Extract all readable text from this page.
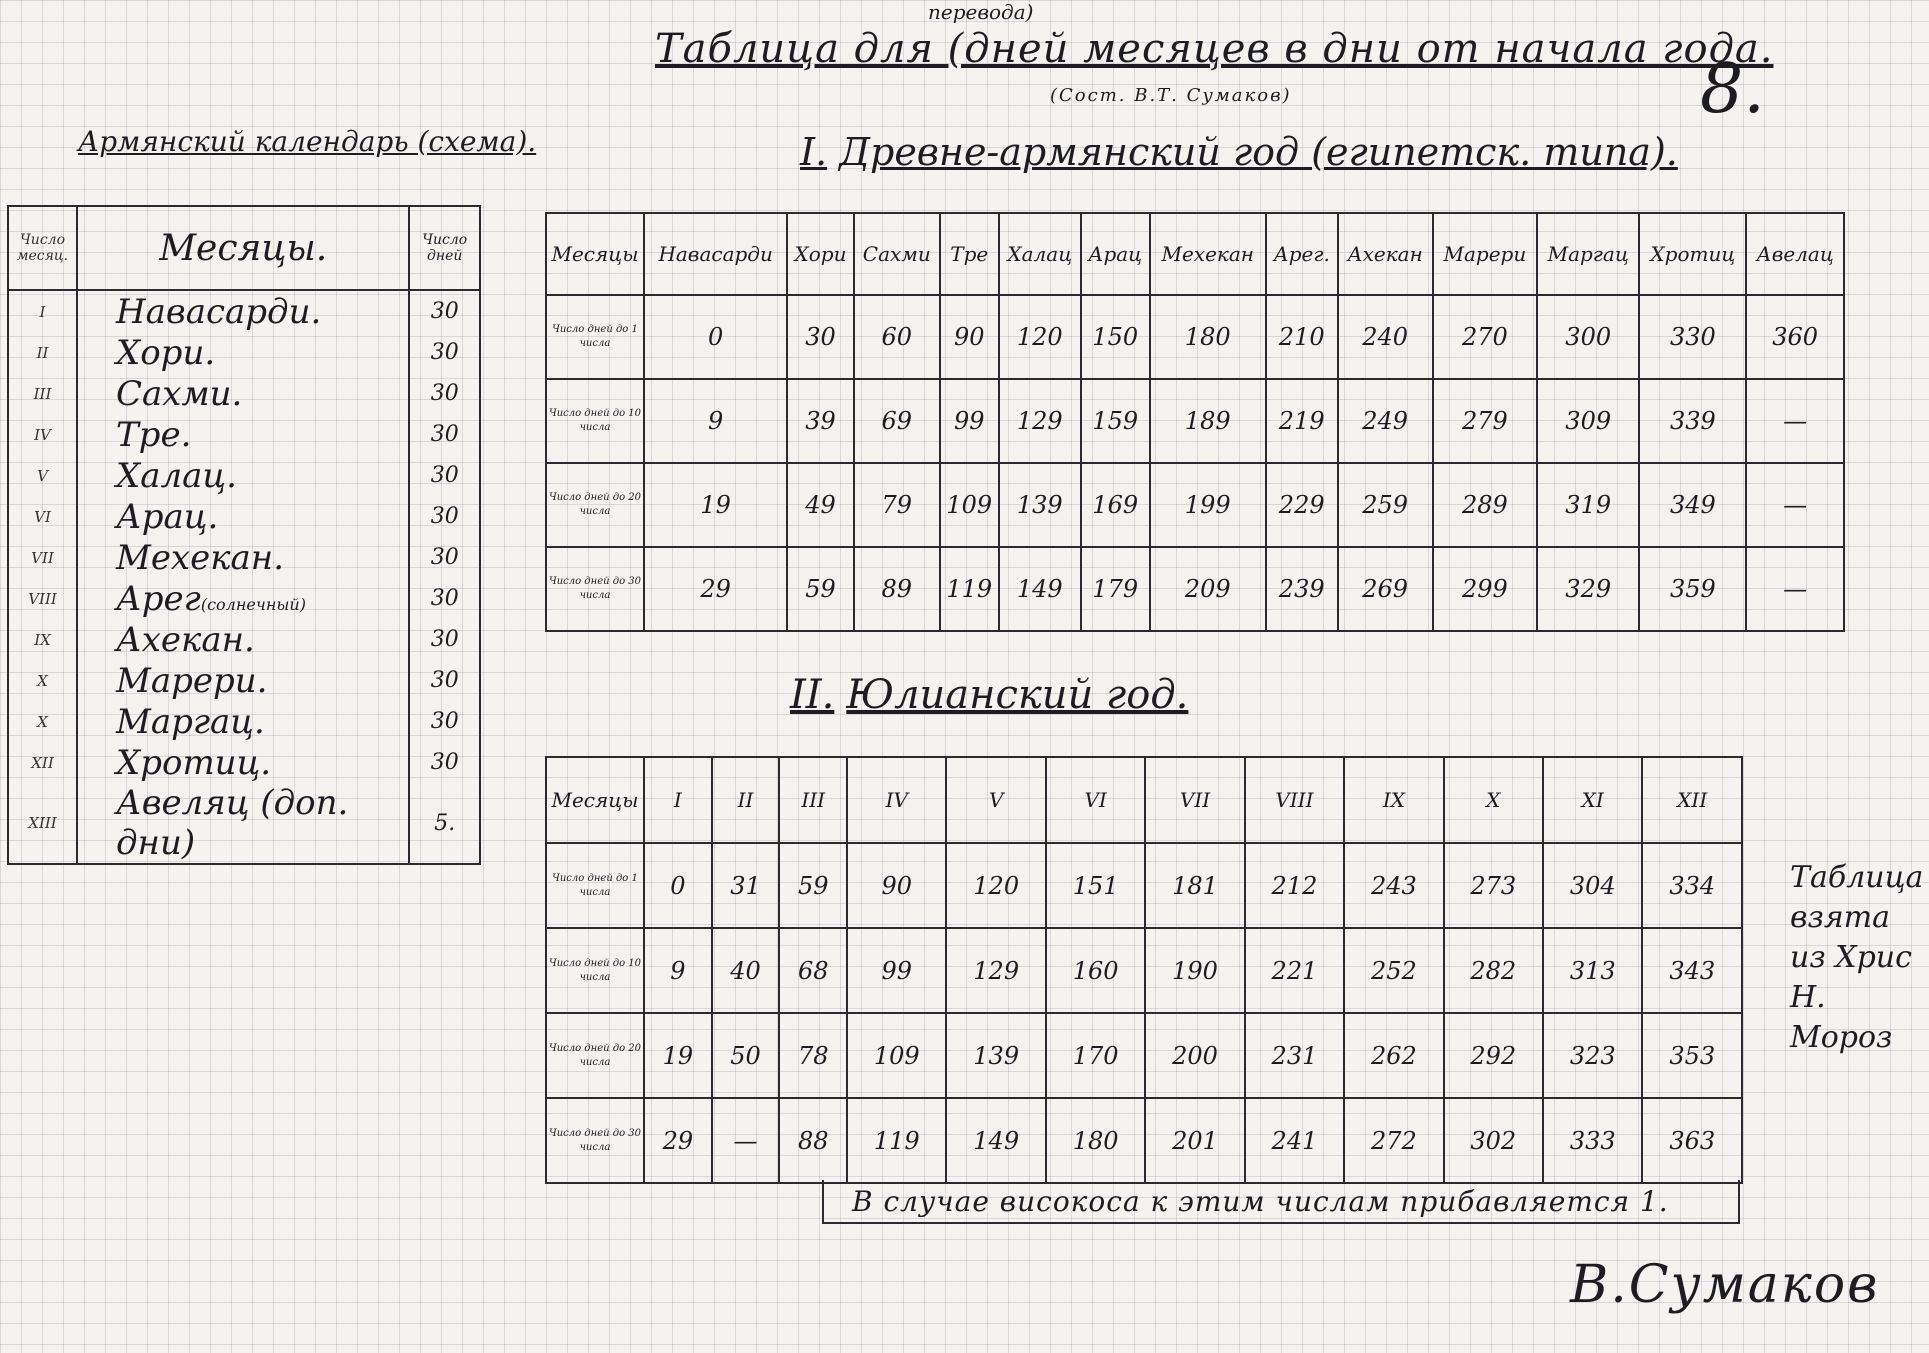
перевода)
Таблица для (дней месяцев в дни от начала года.
(Сост. В.Т. Сумаков)	8.
Армянский календарь (схема).
Число месяц.	Месяцы.	Число дней
I	Навасарди.	30
II	Хори.	30
III	Сахми.	30
IV	Тре.	30
V	Халац.	30
VI	Арац.	30
VII	Мехекан.	30
VIII	Арег(солнечный)	30
IX	Ахекан.	30
X	Марери.	30
X	Маргац.	30
XII	Хротиц.	30
XIII	Авеляц (доп. дни)	5.
I. Древне-армянский год (египетск. типа).
Месяцы	Навасарди	Хори	Сахми	Тре	Халац	Арац	Мехекан	Арег.	Ахекан	Марери	Маргац	Хротиц	Авелац
Число дней до 1 числа	0	30	60	90	120	150	180	210	240	270	300	330	360
Число дней до 10 числа	9	39	69	99	129	159	189	219	249	279	309	339	—
Число дней до 20 числа	19	49	79	109	139	169	199	229	259	289	319	349	—
Число дней до 30 числа	29	59	89	119	149	179	209	239	269	299	329	359	—
II. Юлианский год.
Месяцы	I	II	III	IV	V	VI	VII	VIII	IX	X	XI	XII
Число дней до 1 числа	0	31	59	90	120	151	181	212	243	273	304	334
Число дней до 10 числа	9	40	68	99	129	160	190	221	252	282	313	343
Число дней до 20 числа	19	50	78	109	139	170	200	231	262	292	323	353
Число дней до 30 числа	29	—	88	119	149	180	201	241	272	302	333	363
В случае високоса к этим числам прибавляется 1.
Таблица
взята
из Хрис
Н. Мороз
В.Сумаков
